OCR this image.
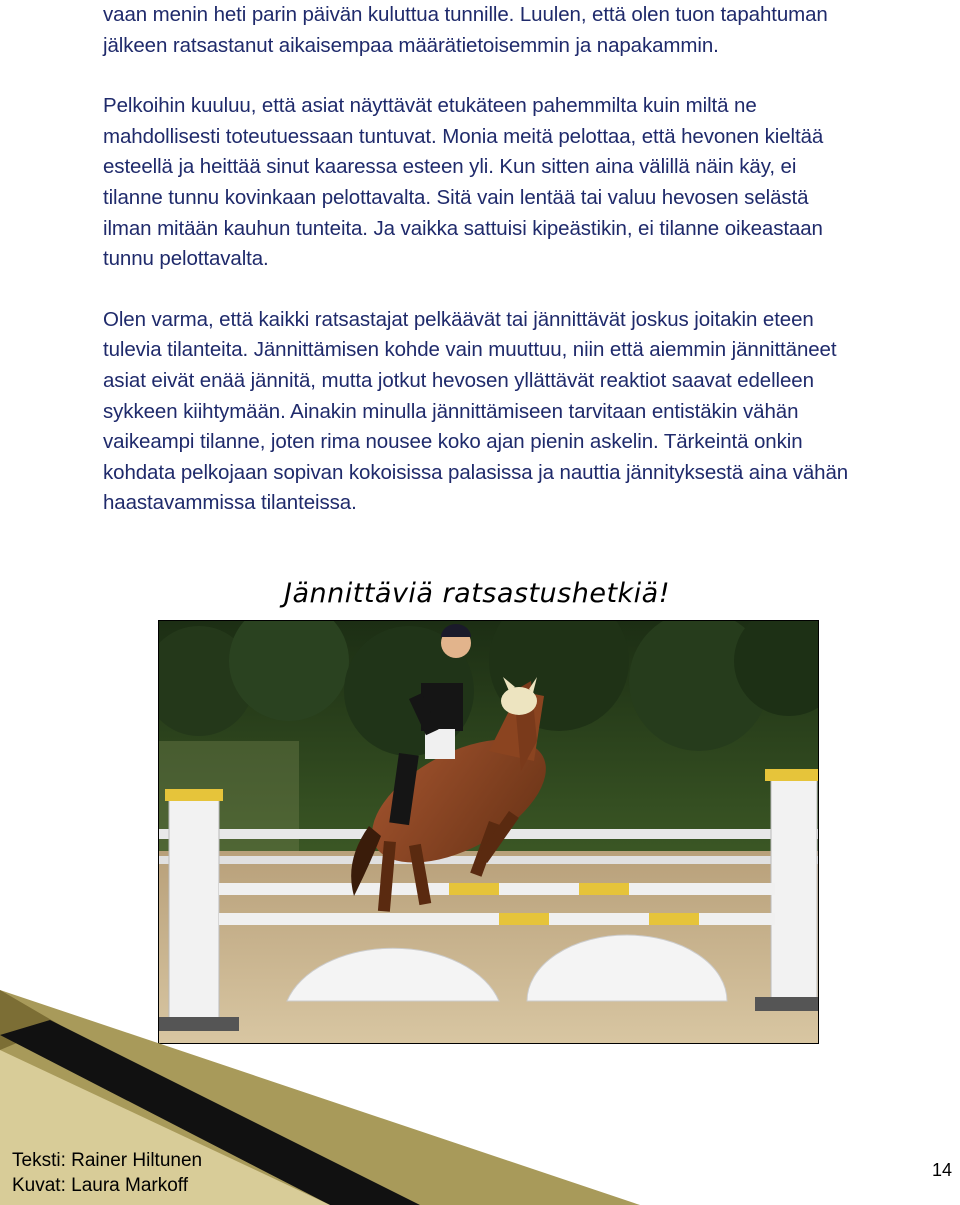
vaan menin heti parin päivän kuluttua tunnille. Luulen, että olen tuon tapahtuman
jälkeen ratsastanut aikaisempaa määrätietoisemmin ja napakammin.

Pelkoihin kuuluu, että asiat näyttävät etukäteen pahemmilta kuin miltä ne
mahdollisesti toteutuessaan tuntuvat. Monia meitä pelottaa, että hevonen kieltää
esteellä ja heittää sinut kaaressa esteen yli. Kun sitten aina välillä näin käy, ei
tilanne tunnu kovinkaan pelottavalta. Sitä vain lentää tai valuu hevosen selästä
ilman mitään kauhun tunteita. Ja vaikka sattuisi kipeästikin, ei tilanne oikeastaan
tunnu pelottavalta.

Olen varma, että kaikki ratsastajat pelkäävät tai jännittävät joskus joitakin eteen
tulevia tilanteita. Jännittämisen kohde vain muuttuu, niin että aiemmin jännittäneet
asiat eivät enää jännitä, mutta jotkut hevosen yllättävät reaktiot saavat edelleen
sykkeen kiihtymään. Ainakin minulla jännittämiseen tarvitaan entistäkin vähän
vaikeampi tilanne, joten rima nousee koko ajan pienin askelin. Tärkeintä onkin
kohdata pelkojaan sopivan kokoisissa palasissa ja nauttia jännityksestä aina vähän
haastavammissa tilanteissa.

Jännittäviä ratsastushetkiä!
Teksti: Rainer Hiltunen
Kuvat: Laura Markoff
14
